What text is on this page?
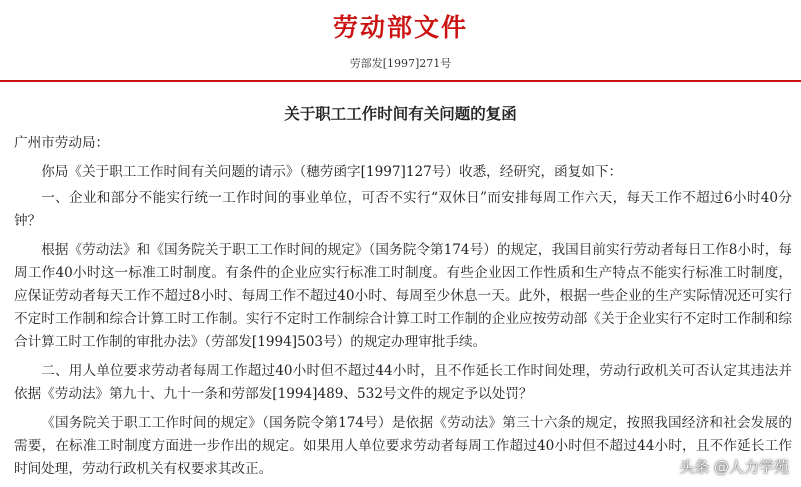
劳动部文件
劳部发[1997]271号
关于职工工作时间有关问题的复函

广州市劳动局：

你局《关于职工工作时间有关问题的请示》（穗劳函字[1997]127号）收悉，经研究，函复如下：

一、企业和部分不能实行统一工作时间的事业单位，可否不实行“双休日”而安排每周工作六天，每天工作不超过6小时40分钟？

根据《劳动法》和《国务院关于职工工作时间的规定》（国务院令第174号）的规定，我国目前实行劳动者每日工作8小时，每周工作40小时这一标准工时制度。有条件的企业应实行标准工时制度。有些企业因工作性质和生产特点不能实行标准工时制度，应保证劳动者每天工作不超过8小时、每周工作不超过40小时、每周至少休息一天。此外，根据一些企业的生产实际情况还可实行不定时工作制和综合计算工时工作制。实行不定时工作制综合计算工时工作制的企业应按劳动部《关于企业实行不定时工作制和综合计算工时工作制的审批办法》（劳部发[1994]503号）的规定办理审批手续。

二、用人单位要求劳动者每周工作超过40小时但不超过44小时，且不作延长工作时间处理，劳动行政机关可否认定其违法并依据《劳动法》第九十、九十一条和劳部发[1994]489、532号文件的规定予以处罚？

《国务院关于职工工作时间的规定》（国务院令第174号）是依据《劳动法》第三十六条的规定，按照我国经济和社会发展的需要，在标准工时制度方面进一步作出的规定。如果用人单位要求劳动者每周工作超过40小时但不超过44小时，且不作延长工作时间处理，劳动行政机关有权要求其改正。	头条 @人力学苑
